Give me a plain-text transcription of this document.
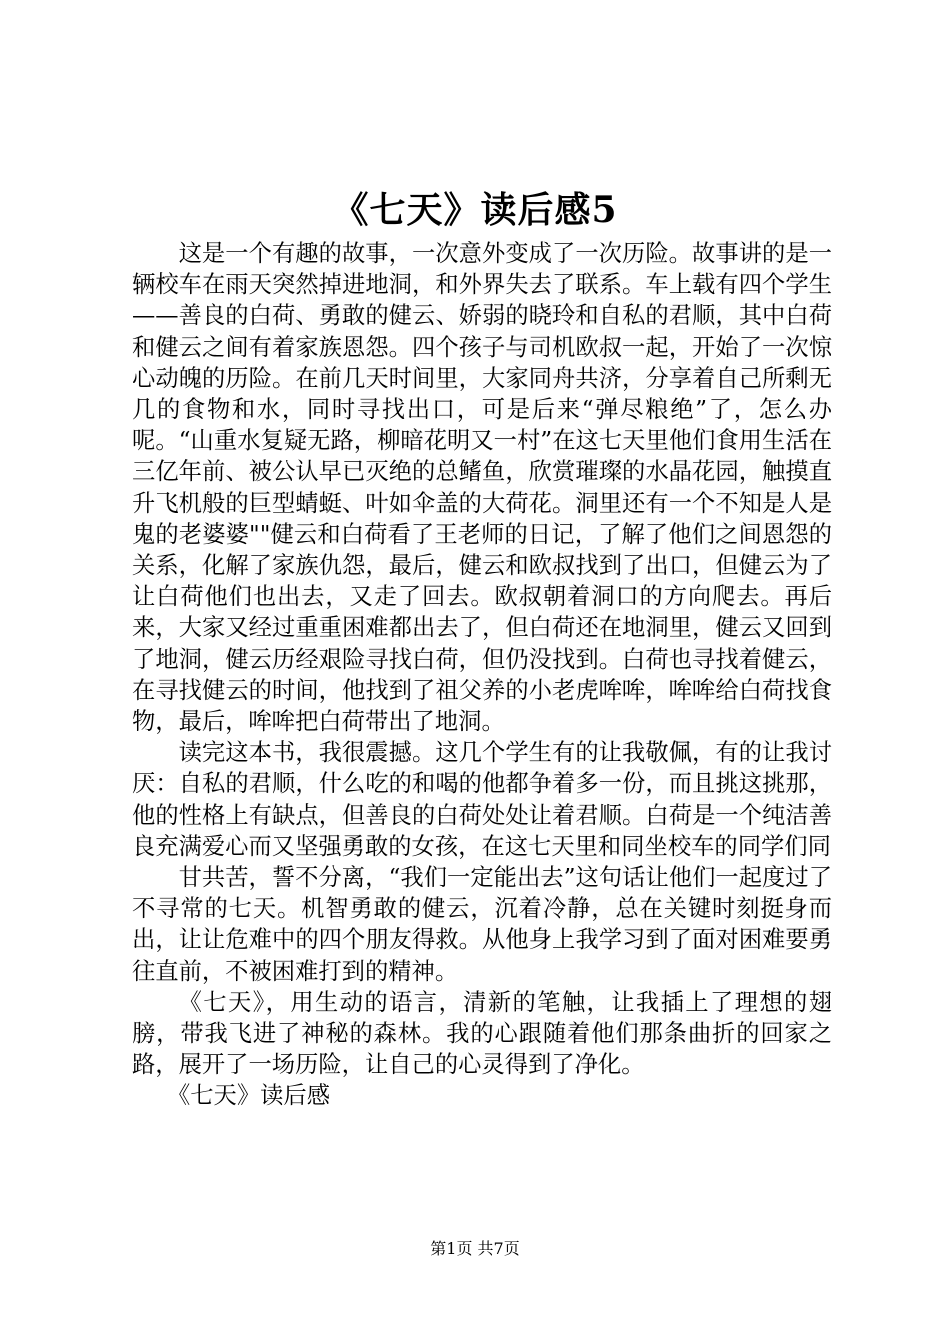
《七天》读后感5

这是一个有趣的故事，一次意外变成了一次历险。故事讲的是一辆校车在雨天突然掉进地洞，和外界失去了联系。车上载有四个学生——善良的白荷、勇敢的健云、娇弱的晓玲和自私的君顺，其中白荷和健云之间有着家族恩怨。四个孩子与司机欧叔一起，开始了一次惊心动魄的历险。在前几天时间里，大家同舟共济，分享着自己所剩无几的食物和水，同时寻找出口，可是后来“弹尽粮绝”了，怎么办呢。“山重水复疑无路，柳暗花明又一村”在这七天里他们食用生活在三亿年前、被公认早已灭绝的总鳍鱼，欣赏璀璨的水晶花园，触摸直升飞机般的巨型蜻蜓、叶如伞盖的大荷花。洞里还有一个不知是人是鬼的老婆婆""健云和白荷看了王老师的日记，了解了他们之间恩怨的关系，化解了家族仇怨，最后，健云和欧叔找到了出口，但健云为了让白荷他们也出去，又走了回去。欧叔朝着洞口的方向爬去。再后来，大家又经过重重困难都出去了，但白荷还在地洞里，健云又回到了地洞，健云历经艰险寻找白荷，但仍没找到。白荷也寻找着健云，在寻找健云的时间，他找到了祖父养的小老虎哞哞，哞哞给白荷找食物，最后，哞哞把白荷带出了地洞。

读完这本书，我很震撼。这几个学生有的让我敬佩，有的让我讨厌：自私的君顺，什么吃的和喝的他都争着多一份，而且挑这挑那，他的性格上有缺点，但善良的白荷处处让着君顺。白荷是一个纯洁善良充满爱心而又坚强勇敢的女孩，在这七天里和同坐校车的同学们同

甘共苦，誓不分离，“我们一定能出去”这句话让他们一起度过了不寻常的七天。机智勇敢的健云，沉着冷静，总在关键时刻挺身而出，让让危难中的四个朋友得救。从他身上我学习到了面对困难要勇往直前，不被困难打到的精神。

《七天》，用生动的语言，清新的笔触，让我插上了理想的翅膀，带我飞进了神秘的森林。我的心跟随着他们那条曲折的回家之路，展开了一场历险，让自己的心灵得到了净化。

《七天》读后感

第1页 共7页
